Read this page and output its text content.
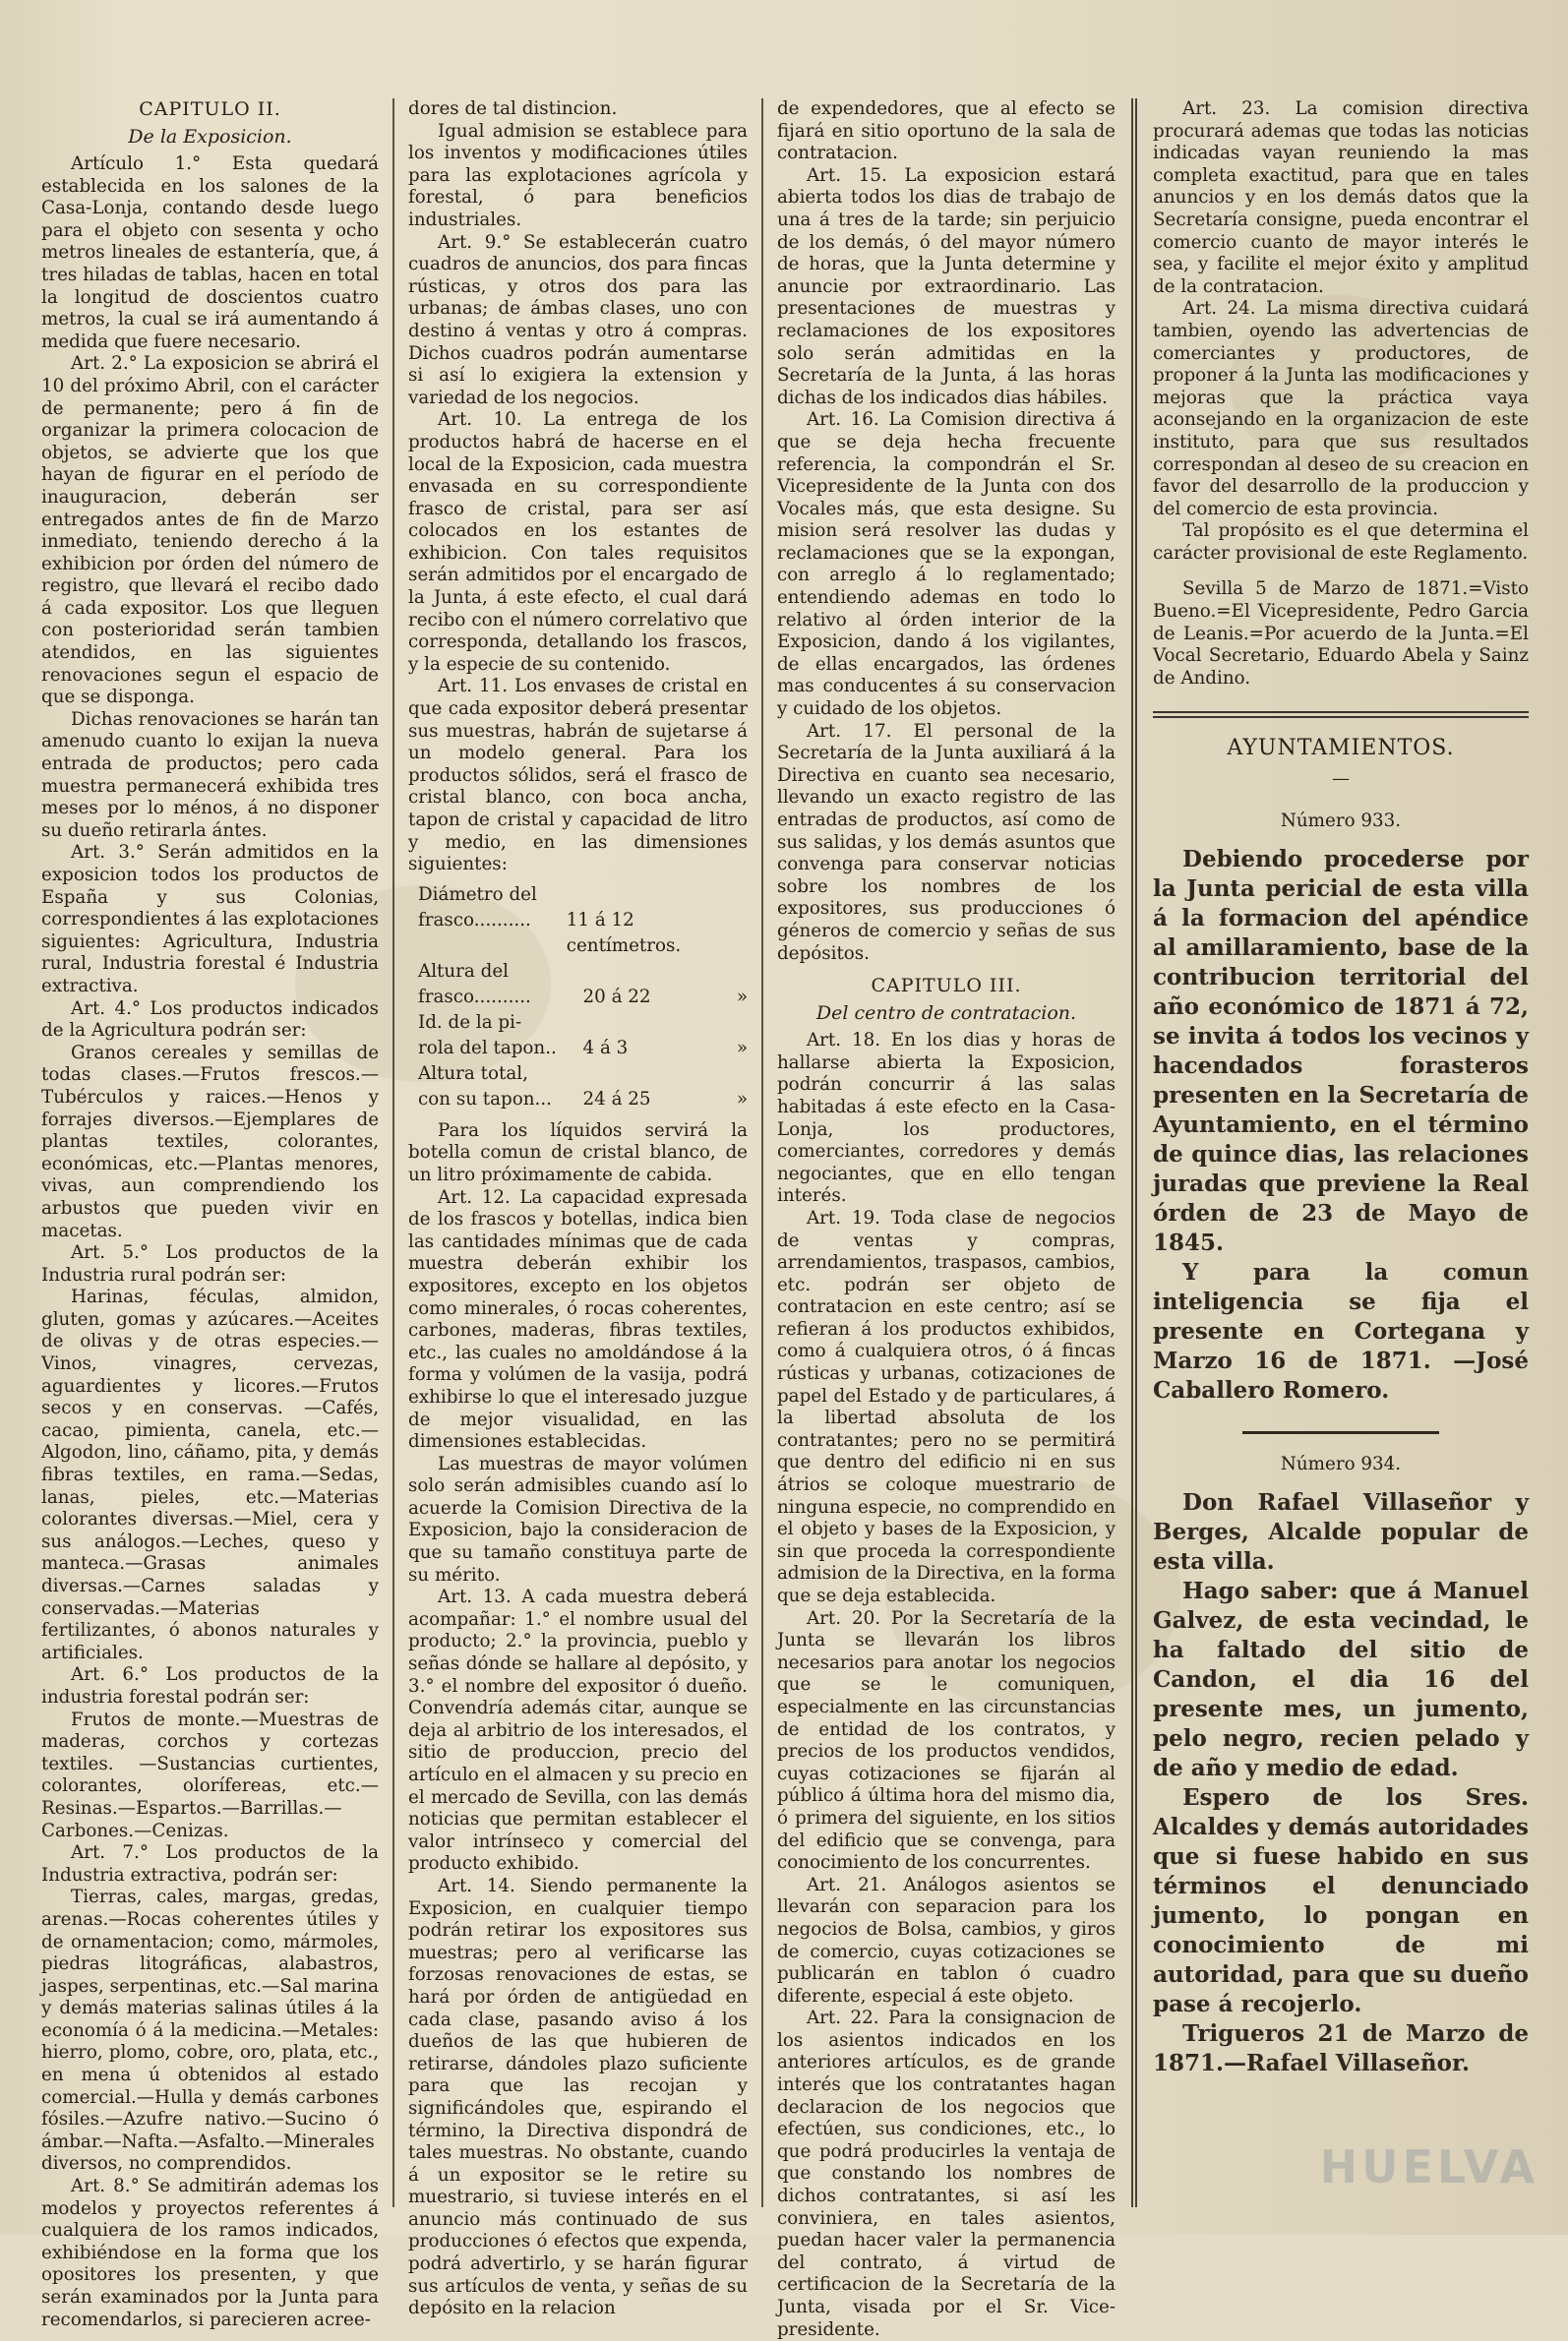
CAPITULO II.
De la Exposicion.

Artículo 1.° Esta quedará establecida en los salones de la Casa-Lonja, contando desde luego para el objeto con sesenta y ocho metros lineales de estantería, que, á tres hiladas de tablas, hacen en total la longitud de doscientos cuatro metros, la cual se irá aumentando á medida que fuere necesario.

Art. 2.° La exposicion se abrirá el 10 del próximo Abril, con el carácter de permanente; pero á fin de organizar la primera colocacion de objetos, se advierte que los que hayan de figurar en el período de inauguracion, deberán ser entregados antes de fin de Marzo inmediato, teniendo derecho á la exhibicion por órden del número de registro, que llevará el recibo dado á cada expositor. Los que lleguen con posterioridad serán tambien atendidos, en las siguientes renovaciones segun el espacio de que se disponga.

Dichas renovaciones se harán tan amenudo cuanto lo exijan la nueva entrada de productos; pero cada muestra permanecerá exhibida tres meses por lo ménos, á no disponer su dueño retirarla ántes.

Art. 3.° Serán admitidos en la exposicion todos los productos de España y sus Colonias, correspondientes á las explotaciones siguientes: Agricultura, Industria rural, Industria forestal é Industria extractiva.

Art. 4.° Los productos indicados de la Agricultura podrán ser:

Granos cereales y semillas de todas clases.—Frutos frescos.—Tubérculos y raices.—Henos y forrajes diversos.—Ejemplares de plantas textiles, colorantes, económicas, etc.—Plantas menores, vivas, aun comprendiendo los arbustos que pueden vivir en macetas.

Art. 5.° Los productos de la Industria rural podrán ser:

Harinas, féculas, almidon, gluten, gomas y azúcares.—Aceites de olivas y de otras especies.—Vinos, vinagres, cervezas, aguardientes y licores.—Frutos secos y en conservas. —Cafés, cacao, pimienta, canela, etc.—Algodon, lino, cáñamo, pita, y demás fibras textiles, en rama.—Sedas, lanas, pieles, etc.—Materias colorantes diversas.—Miel, cera y sus análogos.—Leches, queso y manteca.—Grasas animales diversas.—Carnes saladas y conservadas.—Materias fertilizantes, ó abonos naturales y artificiales.

Art. 6.° Los productos de la industria forestal podrán ser:

Frutos de monte.—Muestras de maderas, corchos y cortezas textiles. —Sustancias curtientes, colorantes, olorífereas, etc.—Resinas.—Espartos.—Barrillas.—Carbones.—Cenizas.

Art. 7.° Los productos de la Industria extractiva, podrán ser:

Tierras, cales, margas, gredas, arenas.—Rocas coherentes útiles y de ornamentacion; como, mármoles, piedras litográficas, alabastros, jaspes, serpentinas, etc.—Sal marina y demás materias salinas útiles á la economía ó á la medicina.—Metales: hierro, plomo, cobre, oro, plata, etc., en mena ú obtenidos al estado comercial.—Hulla y demás carbones fósiles.—Azufre nativo.—Sucino ó ámbar.—Nafta.—Asfalto.—Minerales diversos, no comprendidos.

Art. 8.° Se admitirán ademas los modelos y proyectos referentes á cualquiera de los ramos indicados, exhibiéndose en la forma que los opositores los presenten, y que serán examinados por la Junta para recomendarlos, si parecieren acree-

dores de tal distincion.

Igual admision se establece para los inventos y modificaciones útiles para las explotaciones agrícola y forestal, ó para beneficios industriales.

Art. 9.° Se establecerán cuatro cuadros de anuncios, dos para fincas rústicas, y otros dos para las urbanas; de ámbas clases, uno con destino á ventas y otro á compras. Dichos cuadros podrán aumentarse si así lo exigiera la extension y variedad de los negocios.

Art. 10. La entrega de los productos habrá de hacerse en el local de la Exposicion, cada muestra envasada en su correspondiente frasco de cristal, para ser así colocados en los estantes de exhibicion. Con tales requisitos serán admitidos por el encargado de la Junta, á este efecto, el cual dará recibo con el número correlativo que corresponda, detallando los frascos, y la especie de su contenido.

Art. 11. Los envases de cristal en que cada expositor deberá presentar sus muestras, habrán de sujetarse á un modelo general. Para los productos sólidos, será el frasco de cristal blanco, con boca ancha, tapon de cristal y capacidad de litro y medio, en las dimensiones siguientes:

Diámetro del
frasco..........	11 á 12 centímetros.
Altura del
frasco..........	20 á 22	»
Id. de la pi-
rola del tapon..	4 á 3	»
Altura total,
con su tapon...	24 á 25	»

Para los líquidos servirá la botella comun de cristal blanco, de un litro próximamente de cabida.

Art. 12. La capacidad expresada de los frascos y botellas, indica bien las cantidades mínimas que de cada muestra deberán exhibir los expositores, excepto en los objetos como minerales, ó rocas coherentes, carbones, maderas, fibras textiles, etc., las cuales no amoldándose á la forma y volúmen de la vasija, podrá exhibirse lo que el interesado juzgue de mejor visualidad, en las dimensiones establecidas.

Las muestras de mayor volúmen solo serán admisibles cuando así lo acuerde la Comision Directiva de la Exposicion, bajo la consideracion de que su tamaño constituya parte de su mérito.

Art. 13. A cada muestra deberá acompañar: 1.° el nombre usual del producto; 2.° la provincia, pueblo y señas dónde se hallare al depósito, y 3.° el nombre del expositor ó dueño. Convendría además citar, aunque se deja al arbitrio de los interesados, el sitio de produccion, precio del artículo en el almacen y su precio en el mercado de Sevilla, con las demás noticias que permitan establecer el valor intrínseco y comercial del producto exhibido.

Art. 14. Siendo permanente la Exposicion, en cualquier tiempo podrán retirar los expositores sus muestras; pero al verificarse las forzosas renovaciones de estas, se hará por órden de antigüedad en cada clase, pasando aviso á los dueños de las que hubieren de retirarse, dándoles plazo suficiente para que las recojan y significándoles que, espirando el término, la Directiva dispondrá de tales muestras. No obstante, cuando á un expositor se le retire su muestrario, si tuviese interés en el anuncio más continuado de sus producciones ó efectos que expenda, podrá advertirlo, y se harán figurar sus artículos de venta, y señas de su depósito en la relacion

de expendedores, que al efecto se fijará en sitio oportuno de la sala de contratacion.

Art. 15. La exposicion estará abierta todos los dias de trabajo de una á tres de la tarde; sin perjuicio de los demás, ó del mayor número de horas, que la Junta determine y anuncie por extraordinario. Las presentaciones de muestras y reclamaciones de los expositores solo serán admitidas en la Secretaría de la Junta, á las horas dichas de los indicados dias hábiles.

Art. 16. La Comision directiva á que se deja hecha frecuente referencia, la compondrán el Sr. Vicepresidente de la Junta con dos Vocales más, que esta designe. Su mision será resolver las dudas y reclamaciones que se la expongan, con arreglo á lo reglamentado; entendiendo ademas en todo lo relativo al órden interior de la Exposicion, dando á los vigilantes, de ellas encargados, las órdenes mas conducentes á su conservacion y cuidado de los objetos.

Art. 17. El personal de la Secretaría de la Junta auxiliará á la Directiva en cuanto sea necesario, llevando un exacto registro de las entradas de productos, así como de sus salidas, y los demás asuntos que convenga para conservar noticias sobre los nombres de los expositores, sus producciones ó géneros de comercio y señas de sus depósitos.

CAPITULO III.
Del centro de contratacion.

Art. 18. En los dias y horas de hallarse abierta la Exposicion, podrán concurrir á las salas habitadas á este efecto en la Casa-Lonja, los productores, comerciantes, corredores y demás negociantes, que en ello tengan interés.

Art. 19. Toda clase de negocios de ventas y compras, arrendamientos, traspasos, cambios, etc. podrán ser objeto de contratacion en este centro; así se refieran á los productos exhibidos, como á cualquiera otros, ó á fincas rústicas y urbanas, cotizaciones de papel del Estado y de particulares, á la libertad absoluta de los contratantes; pero no se permitirá que dentro del edificio ni en sus átrios se coloque muestrario de ninguna especie, no comprendido en el objeto y bases de la Exposicion, y sin que proceda la correspondiente admision de la Directiva, en la forma que se deja establecida.

Art. 20. Por la Secretaría de la Junta se llevarán los libros necesarios para anotar los negocios que se le comuniquen, especialmente en las circunstancias de entidad de los contratos, y precios de los productos vendidos, cuyas cotizaciones se fijarán al público á última hora del mismo dia, ó primera del siguiente, en los sitios del edificio que se convenga, para conocimiento de los concurrentes.

Art. 21. Análogos asientos se llevarán con separacion para los negocios de Bolsa, cambios, y giros de comercio, cuyas cotizaciones se publicarán en tablon ó cuadro diferente, especial á este objeto.

Art. 22. Para la consignacion de los asientos indicados en los anteriores artículos, es de grande interés que los contratantes hagan declaracion de los negocios que efectúen, sus condiciones, etc., lo que podrá producirles la ventaja de que constando los nombres de dichos contratantes, si así les conviniera, en tales asientos, puedan hacer valer la permanencia del contrato, á virtud de certificacion de la Secretaría de la Junta, visada por el Sr. Vice-presidente.

Art. 23. La comision directiva procurará ademas que todas las noticias indicadas vayan reuniendo la mas completa exactitud, para que en tales anuncios y en los demás datos que la Secretaría consigne, pueda encontrar el comercio cuanto de mayor interés le sea, y facilite el mejor éxito y amplitud de la contratacion.

Art. 24. La misma directiva cuidará tambien, oyendo las advertencias de comerciantes y productores, de proponer á la Junta las modificaciones y mejoras que la práctica vaya aconsejando en la organizacion de este instituto, para que sus resultados correspondan al deseo de su creacion en favor del desarrollo de la produccion y del comercio de esta provincia.

Tal propósito es el que determina el carácter provisional de este Reglamento.

Sevilla 5 de Marzo de 1871.=Visto Bueno.=El Vicepresidente, Pedro Garcia de Leanis.=Por acuerdo de la Junta.=El Vocal Secretario, Eduardo Abela y Sainz de Andino.

AYUNTAMIENTOS.
—
Número 933.

Debiendo procederse por la Junta pericial de esta villa á la formacion del apéndice al amillaramiento, base de la contribucion territorial del año económico de 1871 á 72, se invita á todos los vecinos y hacendados forasteros presenten en la Secretaría de Ayuntamiento, en el término de quince dias, las relaciones juradas que previene la Real órden de 23 de Mayo de 1845.

Y para la comun inteligencia se fija el presente en Cortegana y Marzo 16 de 1871. —José Caballero Romero.

Número 934.

Don Rafael Villaseñor y Berges, Alcalde popular de esta villa.

Hago saber: que á Manuel Galvez, de esta vecindad, le ha faltado del sitio de Candon, el dia 16 del presente mes, un jumento, pelo negro, recien pelado y de año y medio de edad.

Espero de los Sres. Alcaldes y demás autoridades que si fuese habido en sus términos el denunciado jumento, lo pongan en conocimiento de mi autoridad, para que su dueño pase á recojerlo.

Trigueros 21 de Marzo de 1871.—Rafael Villaseñor.

HUELVA
